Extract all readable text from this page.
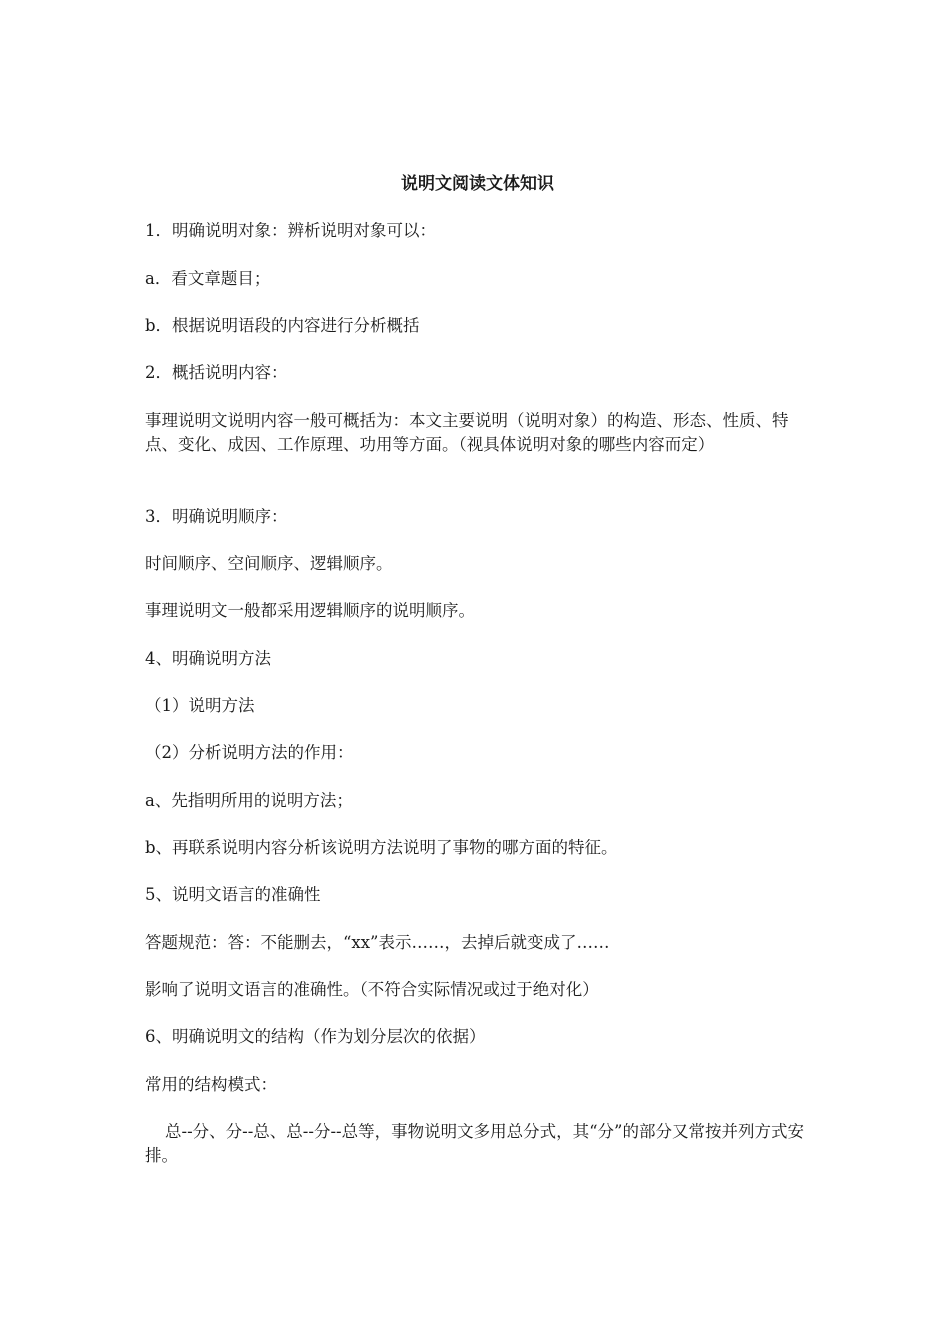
说明文阅读文体知识

1．明确说明对象：辨析说明对象可以：

a．看文章题目；

b．根据说明语段的内容进行分析概括

2．概括说明内容：

事理说明文说明内容一般可概括为：本文主要说明（说明对象）的构造、形态、性质、特点、变化、成因、工作原理、功用等方面。（视具体说明对象的哪些内容而定）

3．明确说明顺序：

时间顺序、空间顺序、逻辑顺序。

事理说明文一般都采用逻辑顺序的说明顺序。

4、明确说明方法

（1）说明方法

（2）分析说明方法的作用：

a、先指明所用的说明方法；

b、再联系说明内容分析该说明方法说明了事物的哪方面的特征。

5、说明文语言的准确性

答题规范：答：不能删去，“xx”表示……，去掉后就变成了……

影响了说明文语言的准确性。（不符合实际情况或过于绝对化）

6、明确说明文的结构（作为划分层次的依据）

常用的结构模式：

总--分、分--总、总--分--总等，事物说明文多用总分式，其“分”的部分又常按并列方式安排。
